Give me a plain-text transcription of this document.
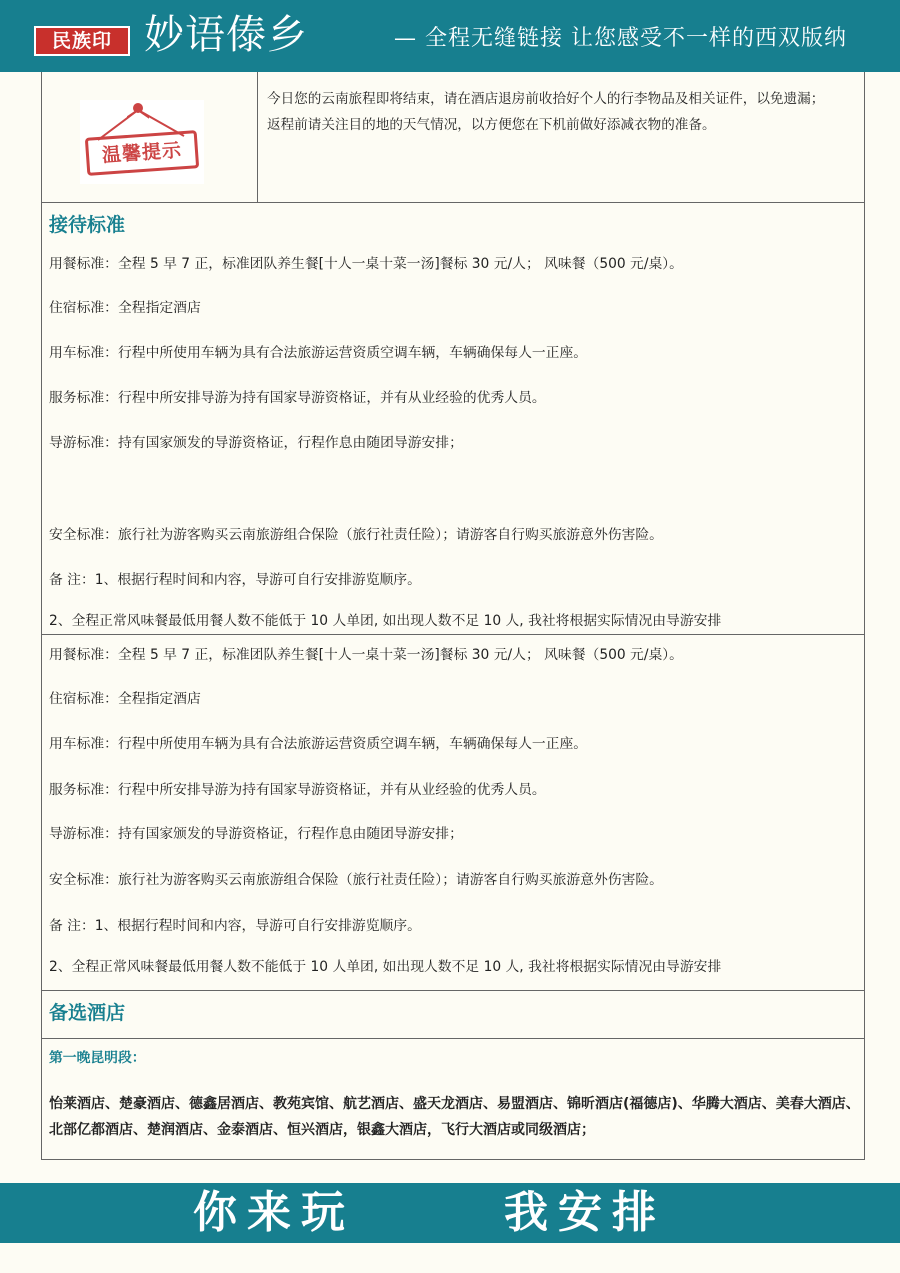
民族印 妙语傣乡	— 全程无缝链接 让您感受不一样的西双版纳
温馨提示

今日您的云南旅程即将结束，请在酒店退房前收拾好个人的行李物品及相关证件，以免遗漏；

返程前请关注目的地的天气情况，以方便您在下机前做好添减衣物的准备。

接待标准
用餐标准：全程 5 早 7 正，标准团队养生餐[十人一桌十菜一汤]餐标 30 元/人； 风味餐（500 元/桌）。
住宿标准：全程指定酒店
用车标准：行程中所使用车辆为具有合法旅游运营资质空调车辆，车辆确保每人一正座。
服务标准：行程中所安排导游为持有国家导游资格证，并有从业经验的优秀人员。
导游标准：持有国家颁发的导游资格证，行程作息由随团导游安排；
安全标准：旅行社为游客购买云南旅游组合保险（旅行社责任险）；请游客自行购买旅游意外伤害险。
备 注：1、根据行程时间和内容，导游可自行安排游览顺序。
2、全程正常风味餐最低用餐人数不能低于 10 人单团, 如出现人数不足 10 人, 我社将根据实际情况由导游安排
用餐标准：全程 5 早 7 正，标准团队养生餐[十人一桌十菜一汤]餐标 30 元/人； 风味餐（500 元/桌）。
住宿标准：全程指定酒店
用车标准：行程中所使用车辆为具有合法旅游运营资质空调车辆，车辆确保每人一正座。
服务标准：行程中所安排导游为持有国家导游资格证，并有从业经验的优秀人员。
导游标准：持有国家颁发的导游资格证，行程作息由随团导游安排；
安全标准：旅行社为游客购买云南旅游组合保险（旅行社责任险）；请游客自行购买旅游意外伤害险。
备 注：1、根据行程时间和内容，导游可自行安排游览顺序。
2、全程正常风味餐最低用餐人数不能低于 10 人单团, 如出现人数不足 10 人, 我社将根据实际情况由导游安排
备选酒店
第一晚昆明段：
怡莱酒店、楚豪酒店、德鑫居酒店、教苑宾馆、航艺酒店、盛天龙酒店、易盟酒店、锦昕酒店(福德店)、华腾大酒店、美春大酒店、北部亿都酒店、楚润酒店、金泰酒店、恒兴酒店，银鑫大酒店，飞行大酒店或同级酒店；
你来玩	我安排
